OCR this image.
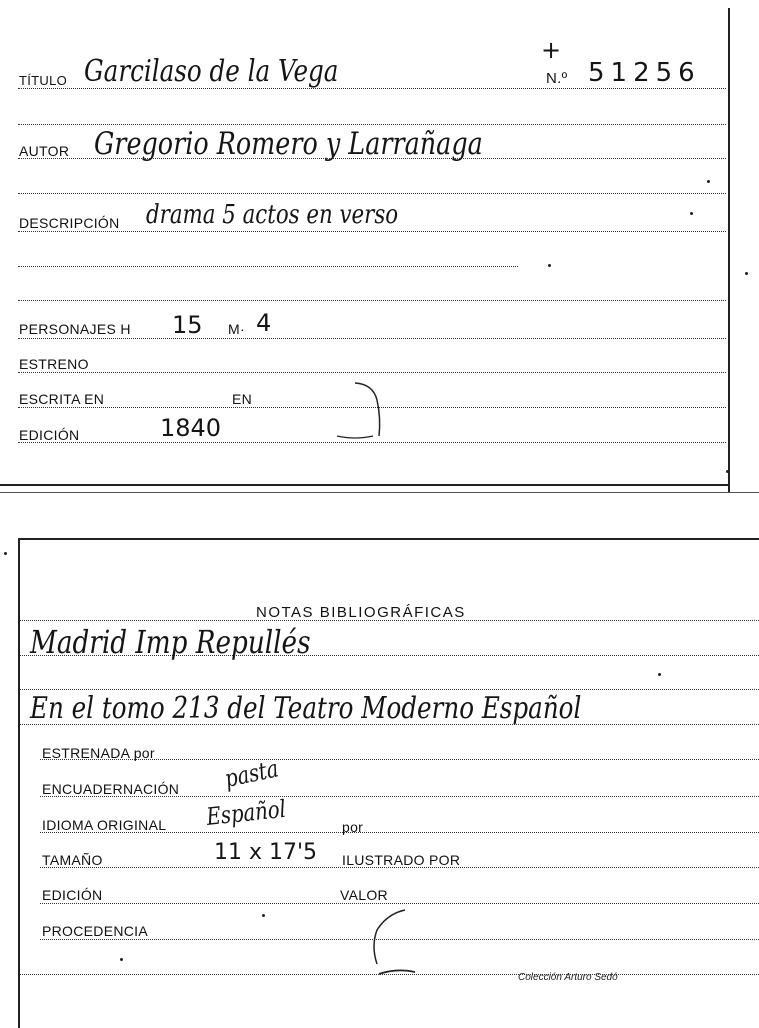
TÍTULO Garcilaso de la Vega	N.º 51256
+
AUTOR Gregorio Romero y Larrañaga
DESCRIPCIÓN drama 5 actos en verso
PERSONAJES H 15 M· 4
ESTRENO
ESCRITA EN	EN
EDICIÓN	1840
NOTAS BIBLIOGRÁFICAS
Madrid Imp Repullés
En el tomo 213 del Teatro Moderno Español
ESTRENADA por
ENCUADERNACIÓN pasta
IDIOMA ORIGINAL Español	por
TAMAÑO	11 x 17'5 ILUSTRADO POR
EDICIÓN	VALOR
PROCEDENCIA
Colección Arturo Sedó
